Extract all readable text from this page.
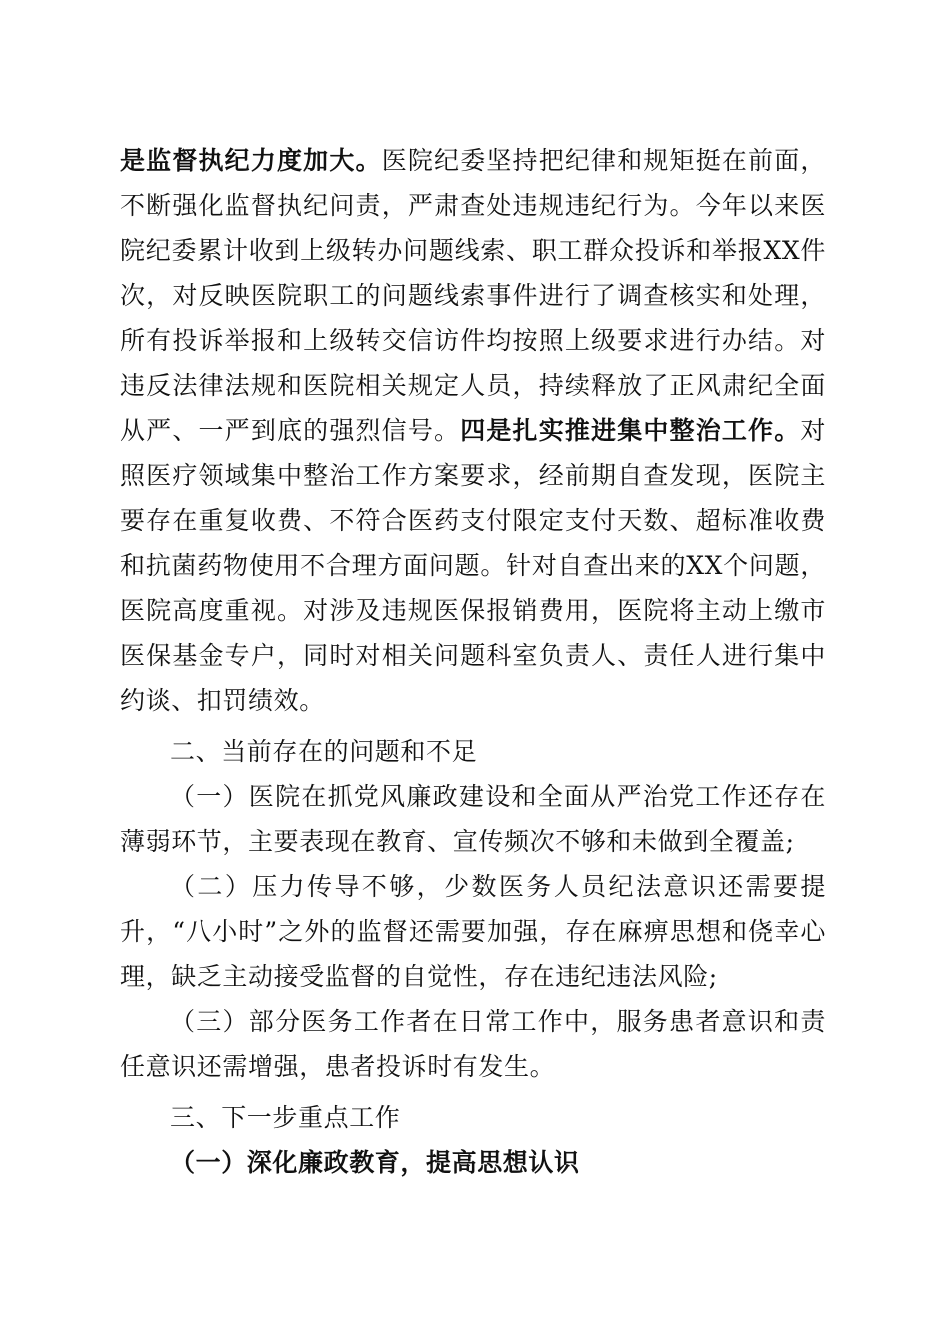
是监督执纪力度加大。医院纪委坚持把纪律和规矩挺在前面，不断强化监督执纪问责，严肃查处违规违纪行为。今年以来医院纪委累计收到上级转办问题线索、职工群众投诉和举报XX件次，对反映医院职工的问题线索事件进行了调查核实和处理，所有投诉举报和上级转交信访件均按照上级要求进行办结。对违反法律法规和医院相关规定人员，持续释放了正风肃纪全面从严、一严到底的强烈信号。四是扎实推进集中整治工作。对照医疗领域集中整治工作方案要求，经前期自查发现，医院主要存在重复收费、不符合医药支付限定支付天数、超标准收费和抗菌药物使用不合理方面问题。针对自查出来的XX个问题，医院高度重视。对涉及违规医保报销费用，医院将主动上缴市医保基金专户，同时对相关问题科室负责人、责任人进行集中约谈、扣罚绩效。

二、当前存在的问题和不足

（一）医院在抓党风廉政建设和全面从严治党工作还存在薄弱环节，主要表现在教育、宣传频次不够和未做到全覆盖;

（二）压力传导不够，少数医务人员纪法意识还需要提升，“八小时”之外的监督还需要加强，存在麻痹思想和侥幸心理，缺乏主动接受监督的自觉性，存在违纪违法风险;

（三）部分医务工作者在日常工作中，服务患者意识和责任意识还需增强，患者投诉时有发生。

三、下一步重点工作

（一）深化廉政教育，提高思想认识
